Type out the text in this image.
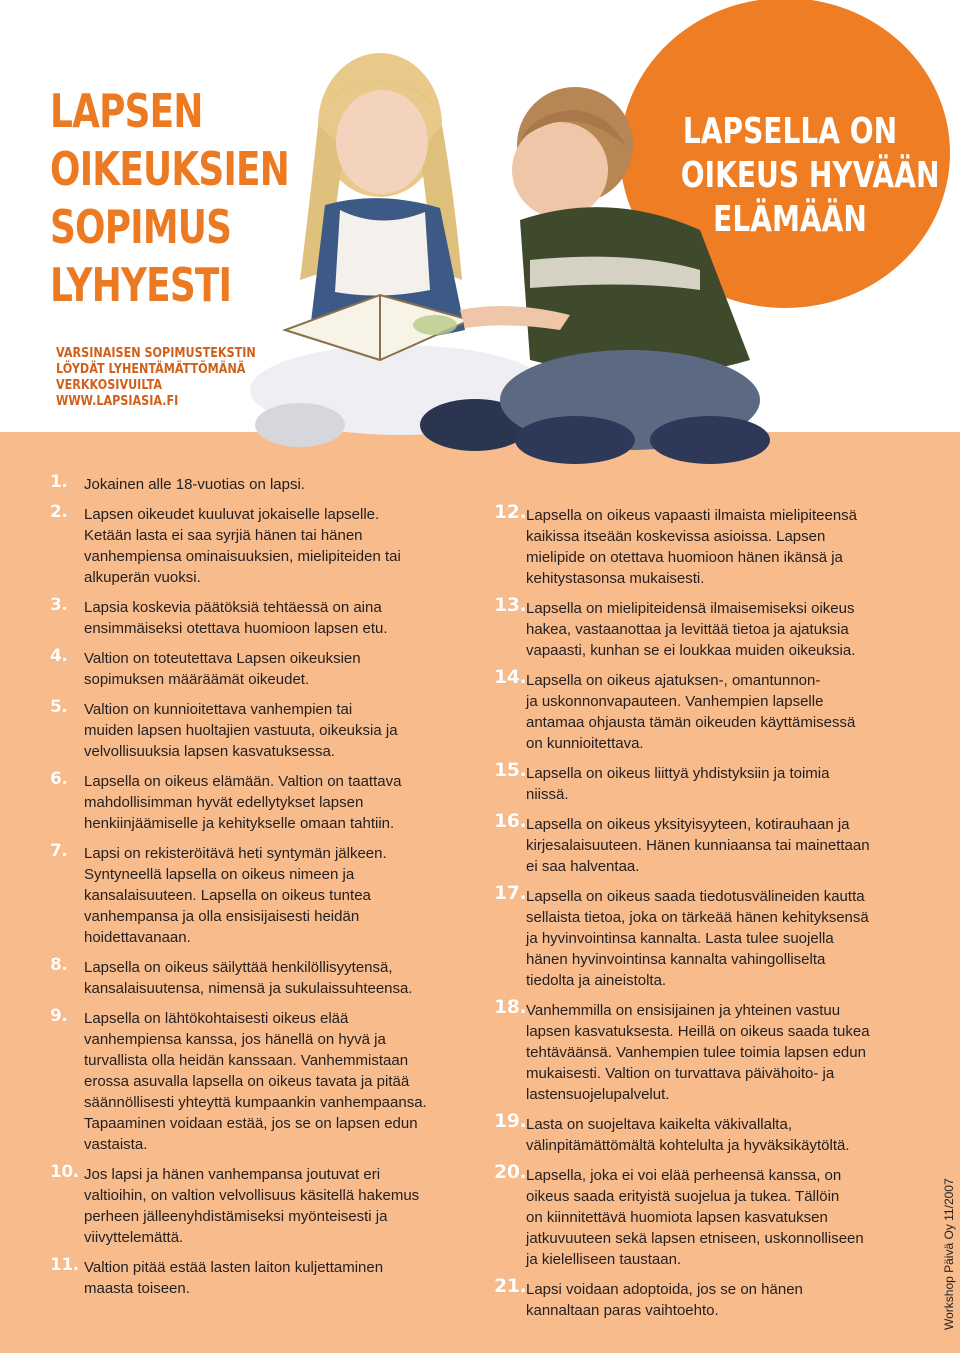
LAPSEN
OIKEUKSIEN
SOPIMUS
LYHYESTI
VARSINAISEN SOPIMUSTEKSTIN
LÖYDÄT LYHENTÄMÄTTÖMÄNÄ
VERKKOSIVUILTA
WWW.LAPSIASIA.FI
LAPSELLA ON
OIKEUS HYVÄÄN
ELÄMÄÄN
1. Jokainen alle 18-vuotias on lapsi.
2. Lapsen oikeudet kuuluvat jokaiselle lapselle.
Ketään lasta ei saa syrjiä hänen tai hänen
vanhempiensa ominaisuuksien, mielipiteiden tai
alkuperän vuoksi.
3. Lapsia koskevia päätöksiä tehtäessä on aina
ensimmäiseksi otettava huomioon lapsen etu.
4. Valtion on toteutettava Lapsen oikeuksien
sopimuksen määräämät oikeudet.
5. Valtion on kunnioitettava vanhempien tai
muiden lapsen huoltajien vastuuta, oikeuksia ja
velvollisuuksia lapsen kasvatuksessa.
6. Lapsella on oikeus elämään. Valtion on taattava
mahdollisimman hyvät edellytykset lapsen
henkiinjäämiselle ja kehitykselle omaan tahtiin.
7. Lapsi on rekisteröitävä heti syntymän jälkeen.
Syntyneellä lapsella on oikeus nimeen ja
kansalaisuuteen. Lapsella on oikeus tuntea
vanhempansa ja olla ensisijaisesti heidän
hoidettavanaan.
8. Lapsella on oikeus säilyttää henkilöllisyytensä,
kansalaisuutensa, nimensä ja sukulaissuhteensa.
9. Lapsella on lähtökohtaisesti oikeus elää
vanhempiensa kanssa, jos hänellä on hyvä ja
turvallista olla heidän kanssaan. Vanhemmistaan
erossa asuvalla lapsella on oikeus tavata ja pitää
säännöllisesti yhteyttä kumpaankin vanhempaansa.
Tapaaminen voidaan estää, jos se on lapsen edun
vastaista.
10. Jos lapsi ja hänen vanhempansa joutuvat eri
valtioihin, on valtion velvollisuus käsitellä hakemus
perheen jälleenyhdistämiseksi myönteisesti ja
viivyttelemättä.
11. Valtion pitää estää lasten laiton kuljettaminen
maasta toiseen.
12. Lapsella on oikeus vapaasti ilmaista mielipiteensä
kaikissa itseään koskevissa asioissa. Lapsen
mielipide on otettava huomioon hänen ikänsä ja
kehitystasonsa mukaisesti.
13. Lapsella on mielipiteidensä ilmaisemiseksi oikeus
hakea, vastaanottaa ja levittää tietoa ja ajatuksia
vapaasti, kunhan se ei loukkaa muiden oikeuksia.
14. Lapsella on oikeus ajatuksen-, omantunnon-
ja uskonnonvapauteen. Vanhempien lapselle
antamaa ohjausta tämän oikeuden käyttämisessä
on kunnioitettava.
15. Lapsella on oikeus liittyä yhdistyksiin ja toimia
niissä.
16. Lapsella on oikeus yksityisyyteen, kotirauhaan ja
kirjesalaisuuteen. Hänen kunniaansa tai mainettaan
ei saa halventaa.
17. Lapsella on oikeus saada tiedotusvälineiden kautta
sellaista tietoa, joka on tärkeää hänen kehityksensä
ja hyvinvointinsa kannalta. Lasta tulee suojella
hänen hyvinvointinsa kannalta vahingolliselta
tiedolta ja aineistolta.
18. Vanhemmilla on ensisijainen ja yhteinen vastuu
lapsen kasvatuksesta. Heillä on oikeus saada tukea
tehtäväänsä. Vanhempien tulee toimia lapsen edun
mukaisesti. Valtion on turvattava päivähoito- ja
lastensuojelupalvelut.
19. Lasta on suojeltava kaikelta väkivallalta,
välinpitämättömältä kohtelulta ja hyväksikäytöltä.
20. Lapsella, joka ei voi elää perheensä kanssa, on
oikeus saada erityistä suojelua ja tukea. Tällöin
on kiinnitettävä huomiota lapsen kasvatuksen
jatkuvuuteen sekä lapsen etniseen, uskonnolliseen
ja kielelliseen taustaan.
21. Lapsi voidaan adoptoida, jos se on hänen
kannaltaan paras vaihtoehto.	Workshop Päivä Oy 11/2007
